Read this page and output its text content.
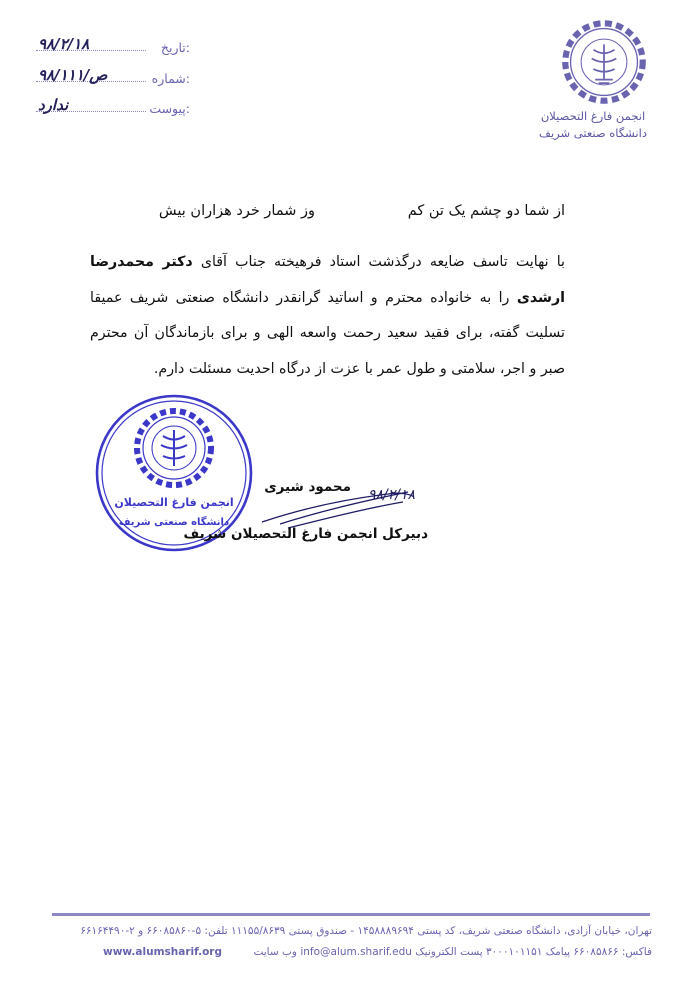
انجمن فارغ التحصیلان
دانشگاه صنعتی شریف
تاریخ:
۹۸/۲/۱۸
شماره:
۹۸/۱۱۱/ص
پیوست:
ندارد
از شما دو چشم یک تن کم
وز شمار خرد هزاران بیش
با نهایت تاسف ضایعه درگذشت استاد فرهیخته جناب آقای دکتر محمدرضا ارشدی را به خانواده محترم و اساتید گرانقدر دانشگاه صنعتی شریف عمیقا تسلیت گفته، برای فقید سعید رحمت واسعه الهی و برای بازماندگان آن محترم صبر و اجر، سلامتی و طول عمر با عزت از درگاه احدیت مسئلت دارم.
انجمن فارغ التحصیلان
دانشگاه صنعتی شریف
محمود شیری ۹۸/۲/۱۸
دبیرکل انجمن فارغ التحصیلان شریف
تهران، خیابان آزادی، دانشگاه صنعتی شریف، کد پستی ۱۴۵۸۸۸۹۶۹۴ - صندوق پستی ۱۱۱۵۵/۸۶۳۹ تلفن: ۵-۶۶۰۸۵۸۶۰ و ۲-۶۶۱۶۴۴۹۰
فاکس: ۶۶۰۸۵۸۶۶ پیامک ۳۰۰۰۱۰۱۱۵۱ پست الکترونیک info@alum.sharif.edu وب سایت
www.alumsharif.org
